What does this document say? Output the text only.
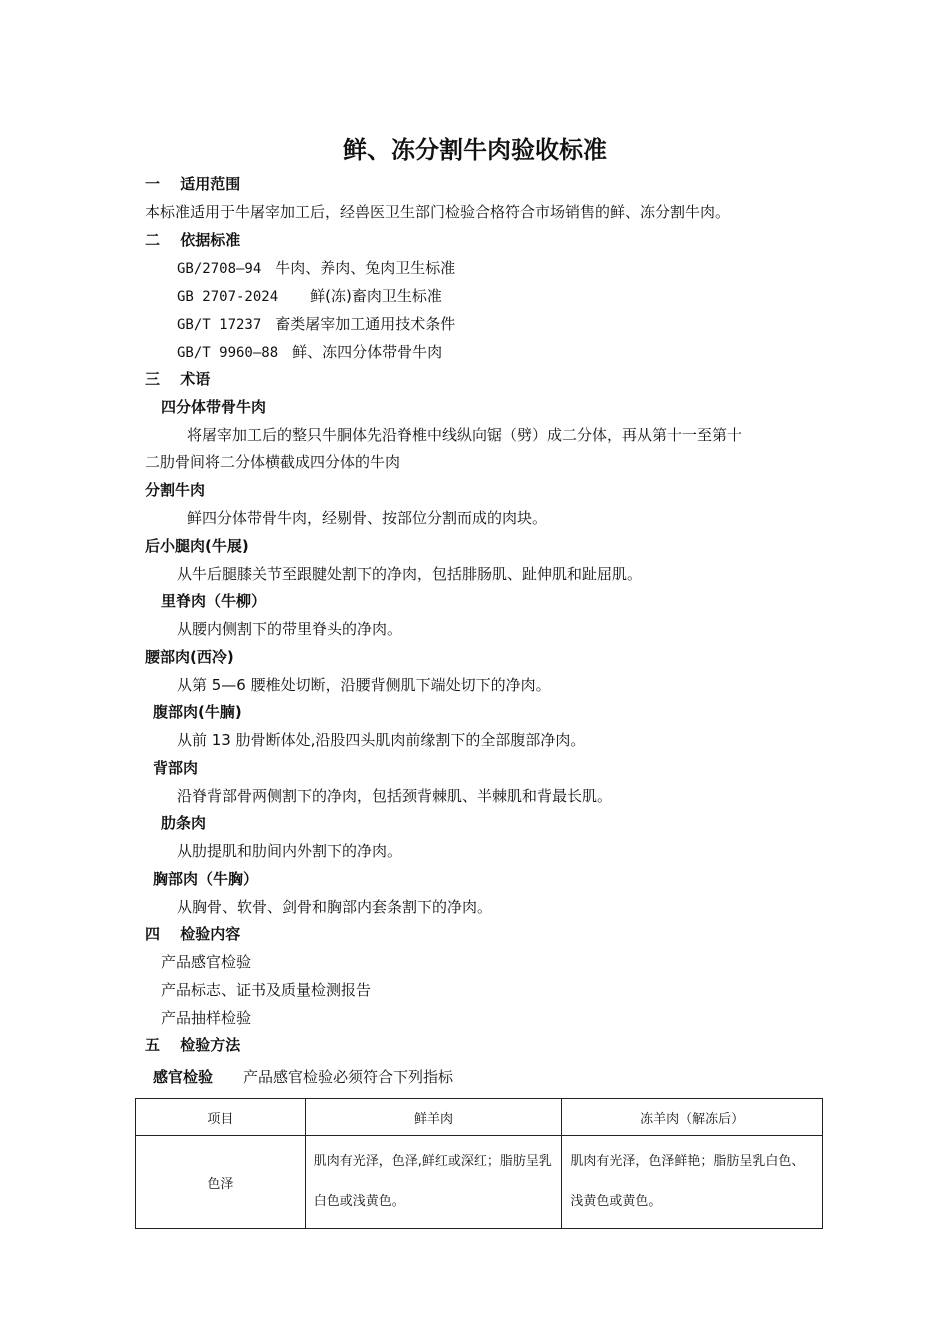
鲜、冻分割牛肉验收标准
一　 适用范围
本标准适用于牛屠宰加工后，经兽医卫生部门检验合格符合市场销售的鲜、冻分割牛肉。
二　 依据标准
GB/2708—94 牛肉、养肉、兔肉卫生标准
GB 2707-2024 鲜(冻)畜肉卫生标准
GB/T 17237 畜类屠宰加工通用技术条件
GB/T 9960—88 鲜、冻四分体带骨牛肉
三　 术语
四分体带骨牛肉
将屠宰加工后的整只牛胴体先沿脊椎中线纵向锯（劈）成二分体，再从第十一至第十
二肋骨间将二分体横截成四分体的牛肉
分割牛肉
鲜四分体带骨牛肉，经剔骨、按部位分割而成的肉块。
后小腿肉(牛展)
从牛后腿膝关节至跟腱处割下的净肉，包括腓肠肌、趾伸肌和趾屈肌。
里脊肉（牛柳）
从腰内侧割下的带里脊头的净肉。
腰部肉(西冷)
从第 5—6 腰椎处切断，沿腰背侧肌下端处切下的净肉。
腹部肉(牛腩)
从前 13 肋骨断体处,沿股四头肌肉前缘割下的全部腹部净肉。
背部肉
沿脊背部骨两侧割下的净肉，包括颈背棘肌、半棘肌和背最长肌。
肋条肉
从肋提肌和肋间内外割下的净肉。
胸部肉（牛胸）
从胸骨、软骨、剑骨和胸部内套条割下的净肉。
四　 检验内容
产品感官检验
产品标志、证书及质量检测报告
产品抽样检验
五　 检验方法
感官检验 产品感官检验必须符合下列指标
项目	鲜羊肉	冻羊肉（解冻后）
色泽	肌肉有光泽，色泽,鲜红或深红；脂肪呈乳白色或浅黄色。	肌肉有光泽，色泽鲜艳；脂肪呈乳白色、浅黄色或黄色。
